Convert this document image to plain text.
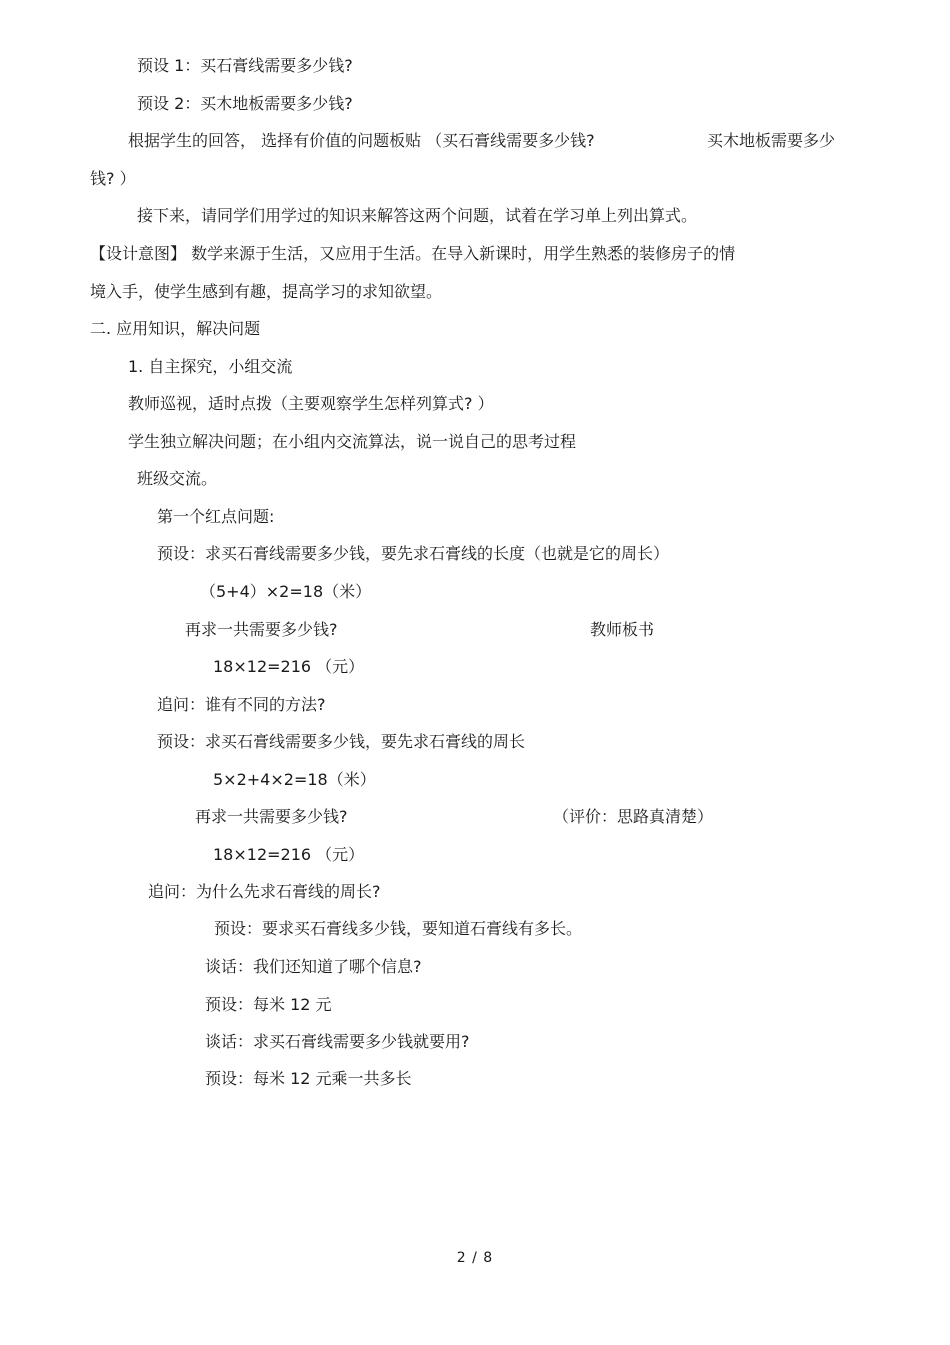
预设 1：买石膏线需要多少钱?
预设 2：买木地板需要多少钱?
根据学生的回答， 选择有价值的问题板贴 （买石膏线需要多少钱?	买木地板需要多少
钱? ）
接下来，请同学们用学过的知识来解答这两个问题，试着在学习单上列出算式。
【设计意图】 数学来源于生活，又应用于生活。在导入新课时，用学生熟悉的装修房子的情
境入手，使学生感到有趣，提高学习的求知欲望。
二. 应用知识，解决问题
1. 自主探究，小组交流
教师巡视，适时点拨（主要观察学生怎样列算式? ）
学生独立解决问题；在小组内交流算法，说一说自己的思考过程
班级交流。
第一个红点问题:
预设：求买石膏线需要多少钱，要先求石膏线的长度（也就是它的周长）
（5+4）×2=18（米）
再求一共需要多少钱?	教师板书
18×12=216 （元）
追问：谁有不同的方法?
预设：求买石膏线需要多少钱，要先求石膏线的周长
5×2+4×2=18（米）
再求一共需要多少钱?	（评价：思路真清楚）
18×12=216 （元）
追问：为什么先求石膏线的周长?
预设：要求买石膏线多少钱，要知道石膏线有多长。
谈话：我们还知道了哪个信息?
预设：每米 12 元
谈话：求买石膏线需要多少钱就要用?
预设：每米 12 元乘一共多长
2 / 8
